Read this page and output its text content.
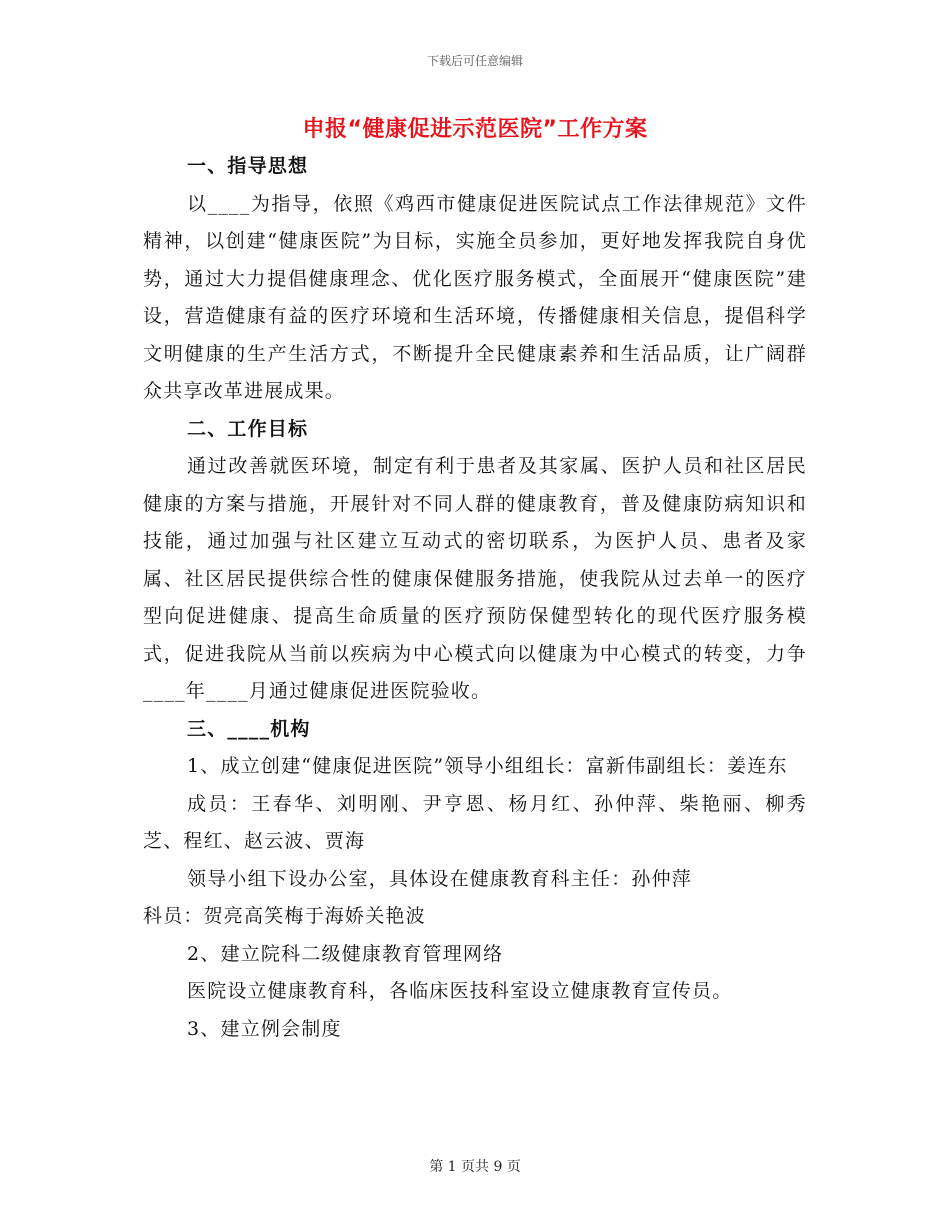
下载后可任意编辑
申报“健康促进示范医院”工作方案

一、指导思想

以____为指导，依照《鸡西市健康促进医院试点工作法律规范》文件精神，以创建“健康医院”为目标，实施全员参加，更好地发挥我院自身优势，通过大力提倡健康理念、优化医疗服务模式，全面展开“健康医院”建设，营造健康有益的医疗环境和生活环境，传播健康相关信息，提倡科学文明健康的生产生活方式，不断提升全民健康素养和生活品质，让广阔群众共享改革进展成果。

二、工作目标

通过改善就医环境，制定有利于患者及其家属、医护人员和社区居民健康的方案与措施，开展针对不同人群的健康教育，普及健康防病知识和技能，通过加强与社区建立互动式的密切联系，为医护人员、患者及家属、社区居民提供综合性的健康保健服务措施，使我院从过去单一的医疗型向促进健康、提高生命质量的医疗预防保健型转化的现代医疗服务模式，促进我院从当前以疾病为中心模式向以健康为中心模式的转变，力争____年____月通过健康促进医院验收。

三、____机构

1、成立创建“健康促进医院”领导小组组长：富新伟副组长：姜连东

成员：王春华、刘明刚、尹亨恩、杨月红、孙仲萍、柴艳丽、柳秀芝、程红、赵云波、贾海

领导小组下设办公室，具体设在健康教育科主任：孙仲萍

科员：贺亮高笑梅于海娇关艳波

2、建立院科二级健康教育管理网络

医院设立健康教育科，各临床医技科室设立健康教育宣传员。

3、建立例会制度

第 1 页共 9 页
